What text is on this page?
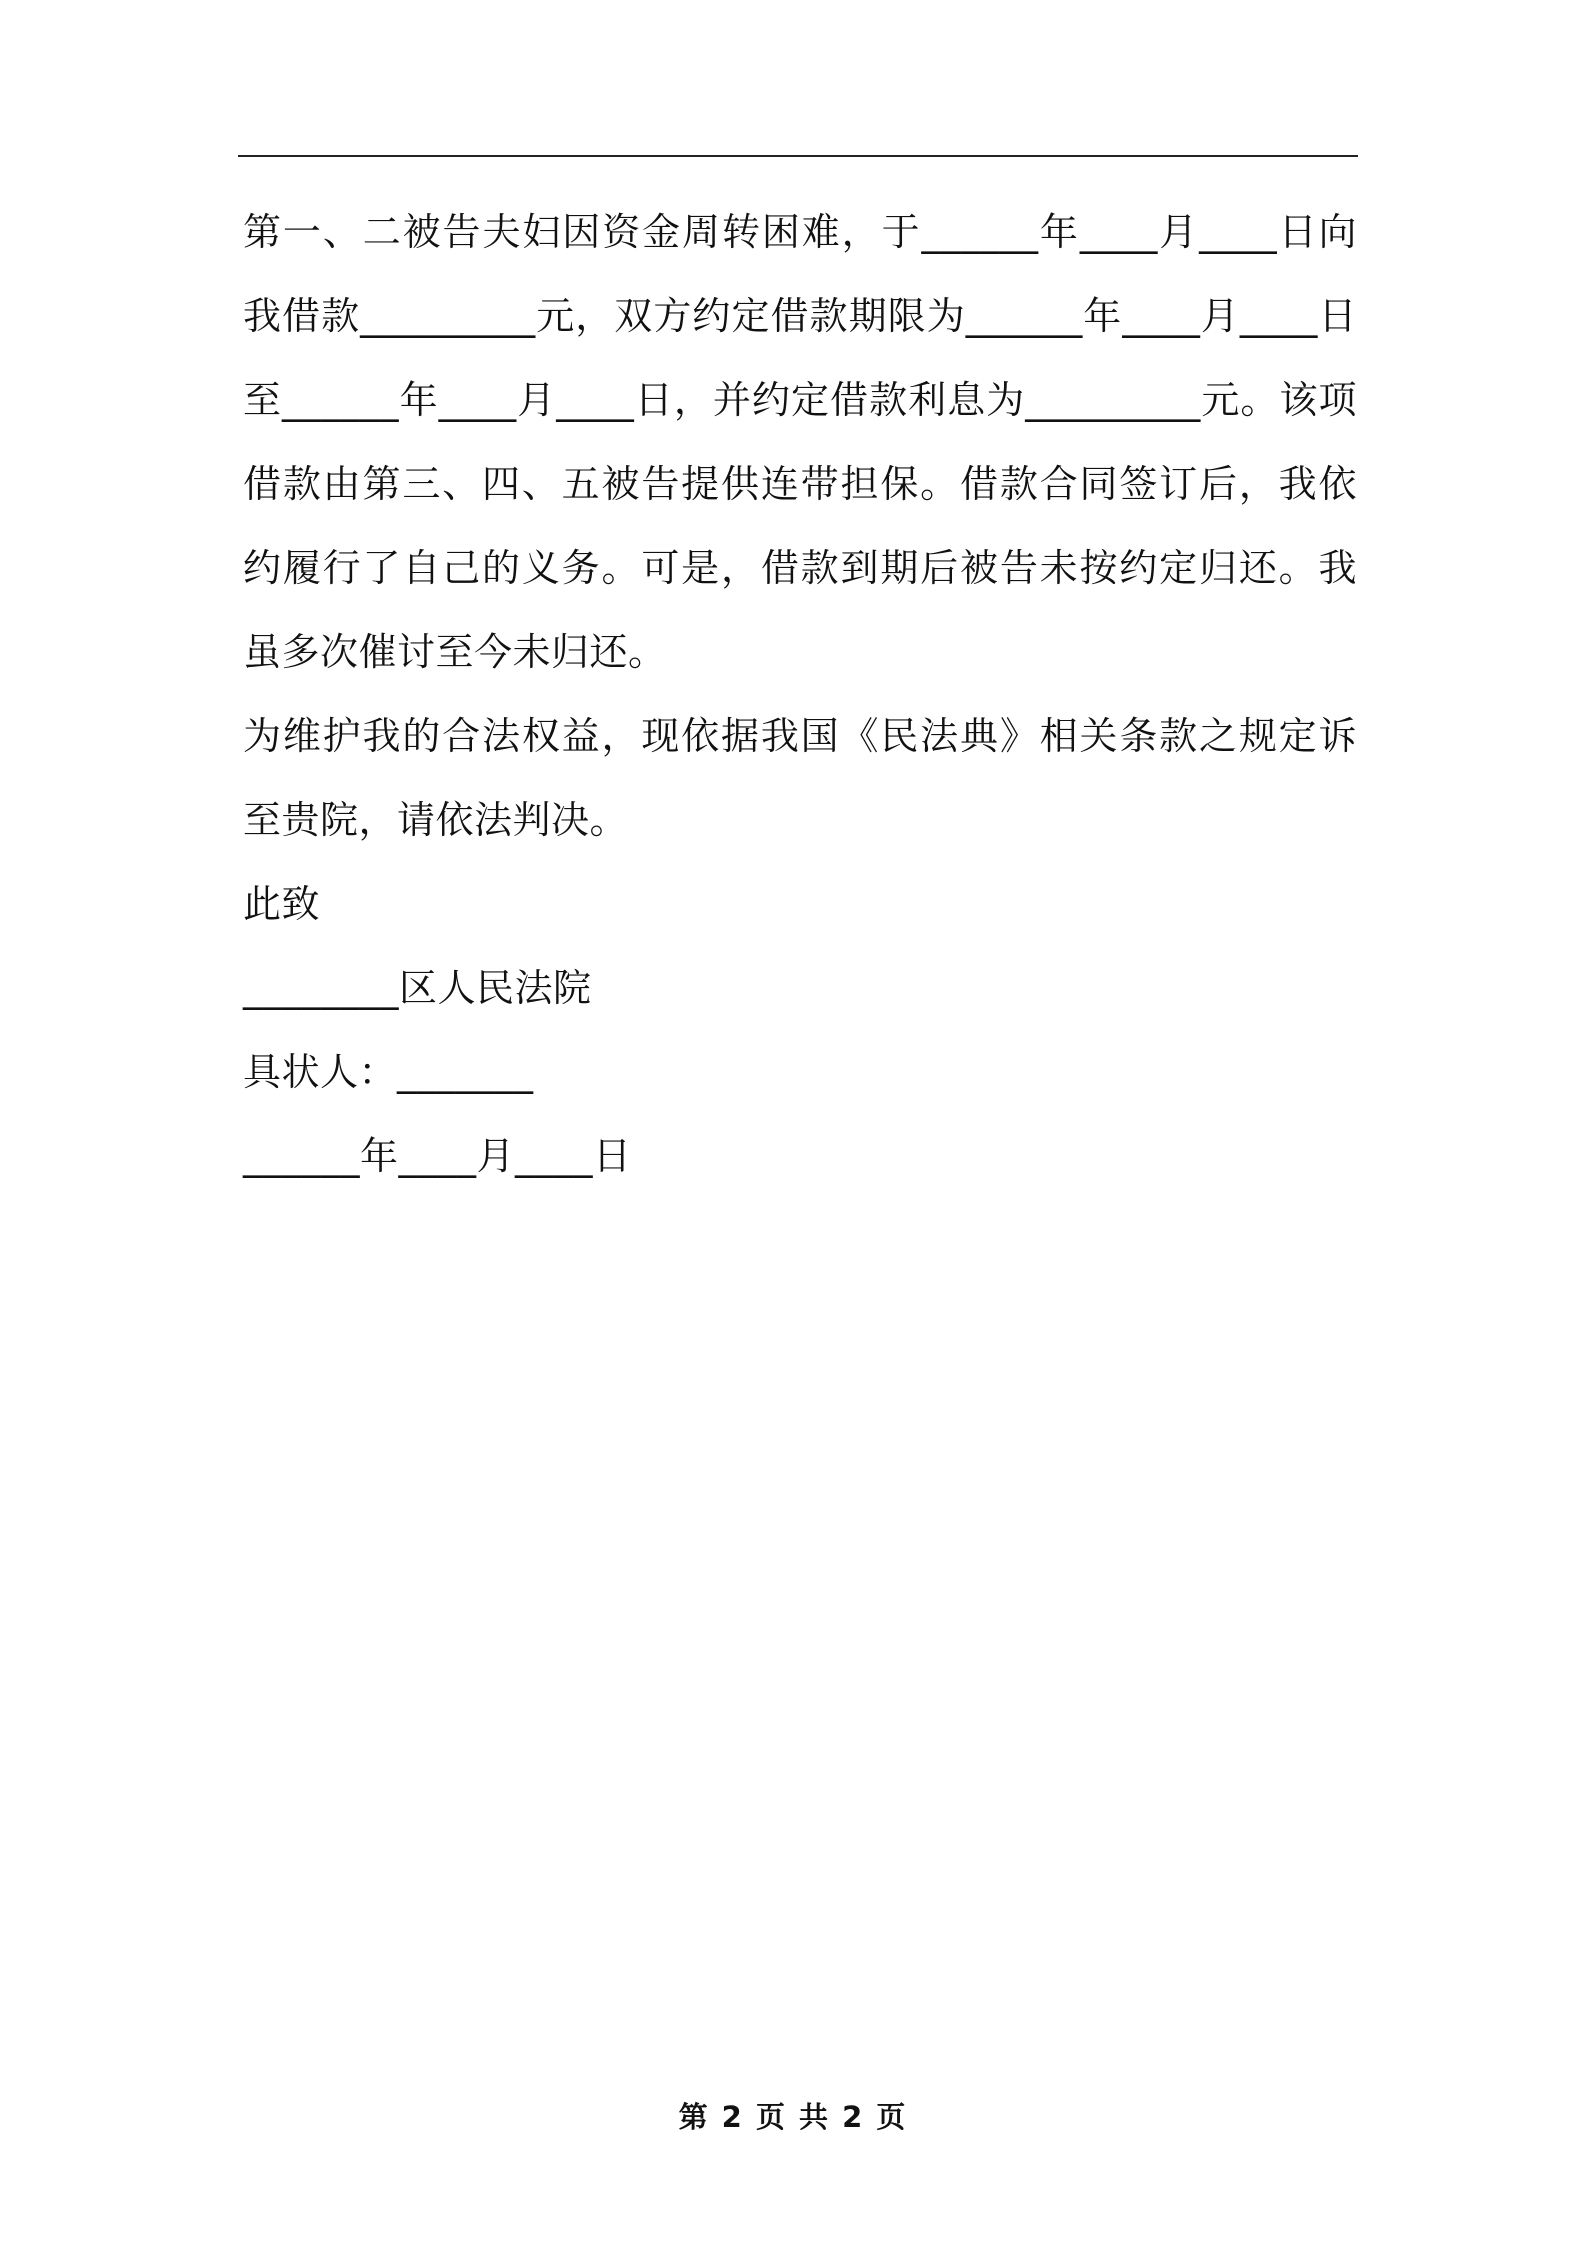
第一、二被告夫妇因资金周转困难，于______年____月____日向我借款_________元，双方约定借款期限为______年____月____日至______年____月____日，并约定借款利息为_________元。该项借款由第三、四、五被告提供连带担保。借款合同签订后，我依约履行了自己的义务。可是，借款到期后被告未按约定归还。我虽多次催讨至今未归还。

为维护我的合法权益，现依据我国《民法典》相关条款之规定诉至贵院，请依法判决。

此致
________区人民法院
具状人：_______
______年____月____日
第 2 页 共 2 页
